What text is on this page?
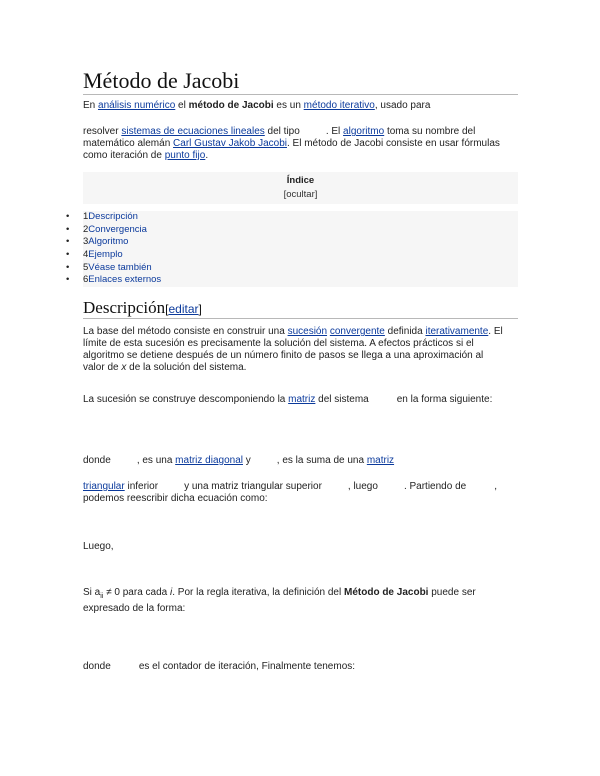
Método de Jacobi
En análisis numérico el método de Jacobi es un método iterativo, usado para
resolver sistemas de ecuaciones lineales del tipo	. El algoritmo toma su nombre del
matemático alemán Carl Gustav Jakob Jacobi. El método de Jacobi consiste en usar fórmulas
como iteración de punto fijo.
Índice
[ocultar]
• 1Descripción
• 2Convergencia
• 3Algoritmo
• 4Ejemplo
• 5Véase también
• 6Enlaces externos
Descripción[editar]
La base del método consiste en construir una sucesión convergente definida iterativamente. El
límite de esta sucesión es precisamente la solución del sistema. A efectos prácticos si el
algoritmo se detiene después de un número finito de pasos se llega a una aproximación al
valor de x de la solución del sistema.
La sucesión se construye descomponiendo la matriz del sistema	en la forma siguiente:
donde	, es una matriz diagonal y	, es la suma de una matriz
triangular inferior	y una matriz triangular superior	, luego	. Partiendo de	,
podemos reescribir dicha ecuación como:
Luego,
Si $a_{ii} \ne 0$ para cada i. Por la regla iterativa, la definición del Método de Jacobi puede ser
expresado de la forma:
donde	es el contador de iteración, Finalmente tenemos:
